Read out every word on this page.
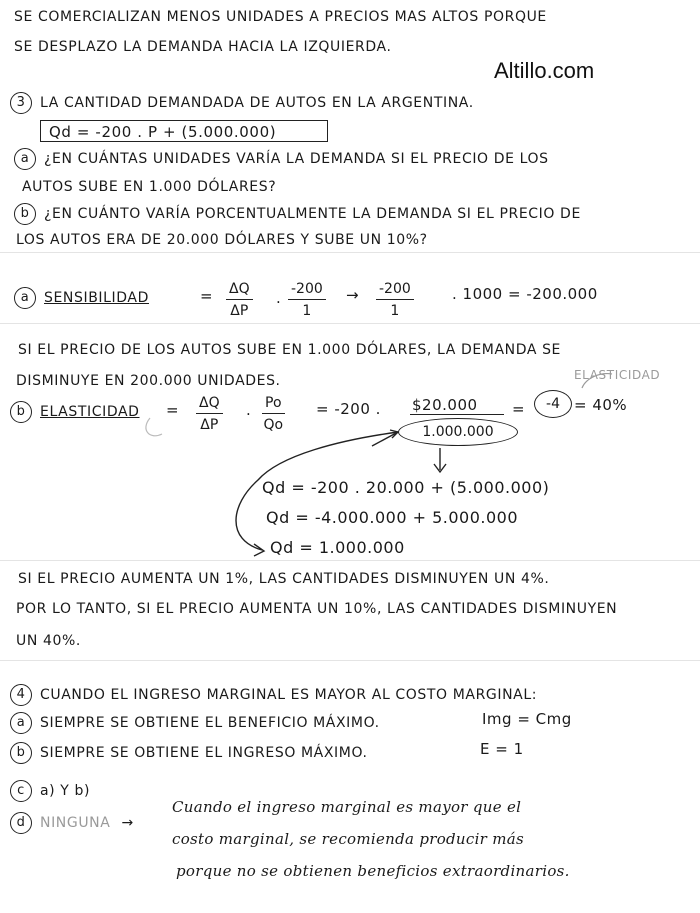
SE COMERCIALIZAN MENOS UNIDADES A PRECIOS MAS ALTOS PORQUE
SE DESPLAZO LA DEMANDA HACIA LA IZQUIERDA.
Altillo.com
3 LA CANTIDAD DEMANDADA DE AUTOS EN LA ARGENTINA.
Qd = -200 . P + (5.000.000)
a ¿EN CUÁNTAS UNIDADES VARÍA LA DEMANDA SI EL PRECIO DE LOS
AUTOS SUBE EN 1.000 DÓLARES?
b ¿EN CUÁNTO VARÍA PORCENTUALMENTE LA DEMANDA SI EL PRECIO DE
LOS AUTOS ERA DE 20.000 DÓLARES Y SUBE UN 10%?
a SENSIBILIDAD	= $\frac{\Delta Q}{\Delta P}$ . $\frac{-200}{1} \to \frac{-200}{1}$	. 1000 = -200.000
SI EL PRECIO DE LOS AUTOS SUBE EN 1.000 DÓLARES, LA DEMANDA SE
DISMINUYE EN 200.000 UNIDADES.	ELASTICIDAD
b ELASTICIDAD = $\frac{\Delta Q}{\Delta P}$ . $\frac{Po}{Qo} = -200$ . $20.000
1.000.000
=	-4 = 40%
Qd = -200 . 20.000 + (5.000.000)
Qd = -4.000.000 + 5.000.000
Qd = 1.000.000
SI EL PRECIO AUMENTA UN 1%, LAS CANTIDADES DISMINUYEN UN 4%.
POR LO TANTO, SI EL PRECIO AUMENTA UN 10%, LAS CANTIDADES DISMINUYEN
UN 40%.
4 CUANDO EL INGRESO MARGINAL ES MAYOR AL COSTO MARGINAL:
a SIEMPRE SE OBTIENE EL BENEFICIO MÁXIMO.	Img = Cmg
b SIEMPRE SE OBTIENE EL INGRESO MÁXIMO.	E = 1
c a) Y b)
d NINGUNA →
Cuando el ingreso marginal es mayor que el
costo marginal, se recomienda producir más
porque no se obtienen beneficios extraordinarios.
